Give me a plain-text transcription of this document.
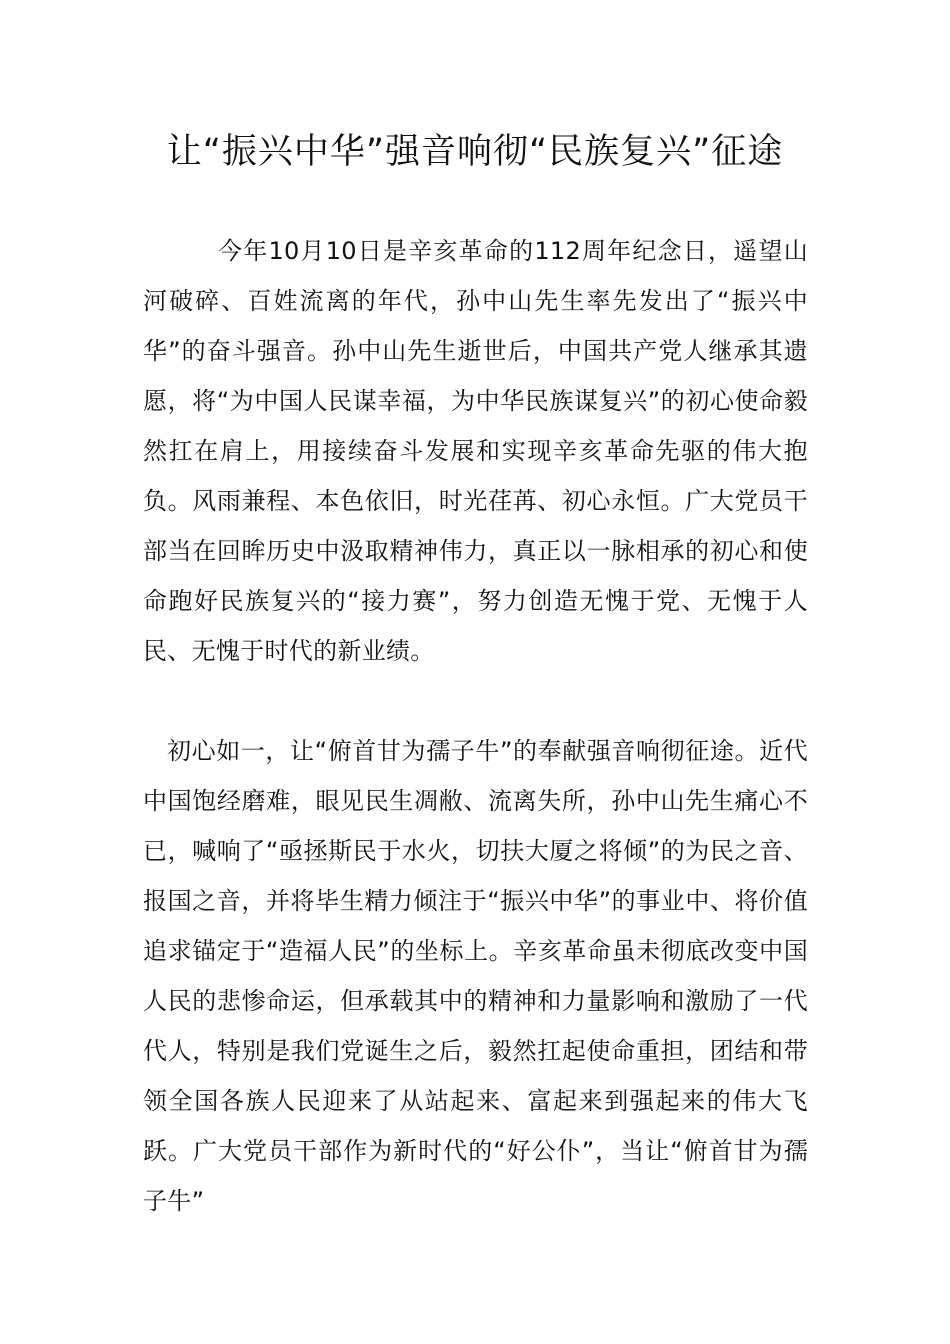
让“振兴中华”强音响彻“民族复兴”征途

今年10月10日是辛亥革命的112周年纪念日，遥望山河破碎、百姓流离的年代，孙中山先生率先发出了“振兴中华”的奋斗强音。孙中山先生逝世后，中国共产党人继承其遗愿，将“为中国人民谋幸福，为中华民族谋复兴”的初心使命毅然扛在肩上，用接续奋斗发展和实现辛亥革命先驱的伟大抱负。风雨兼程、本色依旧，时光荏苒、初心永恒。广大党员干部当在回眸历史中汲取精神伟力，真正以一脉相承的初心和使命跑好民族复兴的“接力赛”，努力创造无愧于党、无愧于人民、无愧于时代的新业绩。

初心如一，让“俯首甘为孺子牛”的奉献强音响彻征途。近代中国饱经磨难，眼见民生凋敝、流离失所，孙中山先生痛心不已，喊响了“亟拯斯民于水火，切扶大厦之将倾”的为民之音、报国之音，并将毕生精力倾注于“振兴中华”的事业中、将价值追求锚定于“造福人民”的坐标上。辛亥革命虽未彻底改变中国人民的悲惨命运，但承载其中的精神和力量影响和激励了一代代人，特别是我们党诞生之后，毅然扛起使命重担，团结和带领全国各族人民迎来了从站起来、富起来到强起来的伟大飞跃。广大党员干部作为新时代的“好公仆”，当让“俯首甘为孺子牛”
